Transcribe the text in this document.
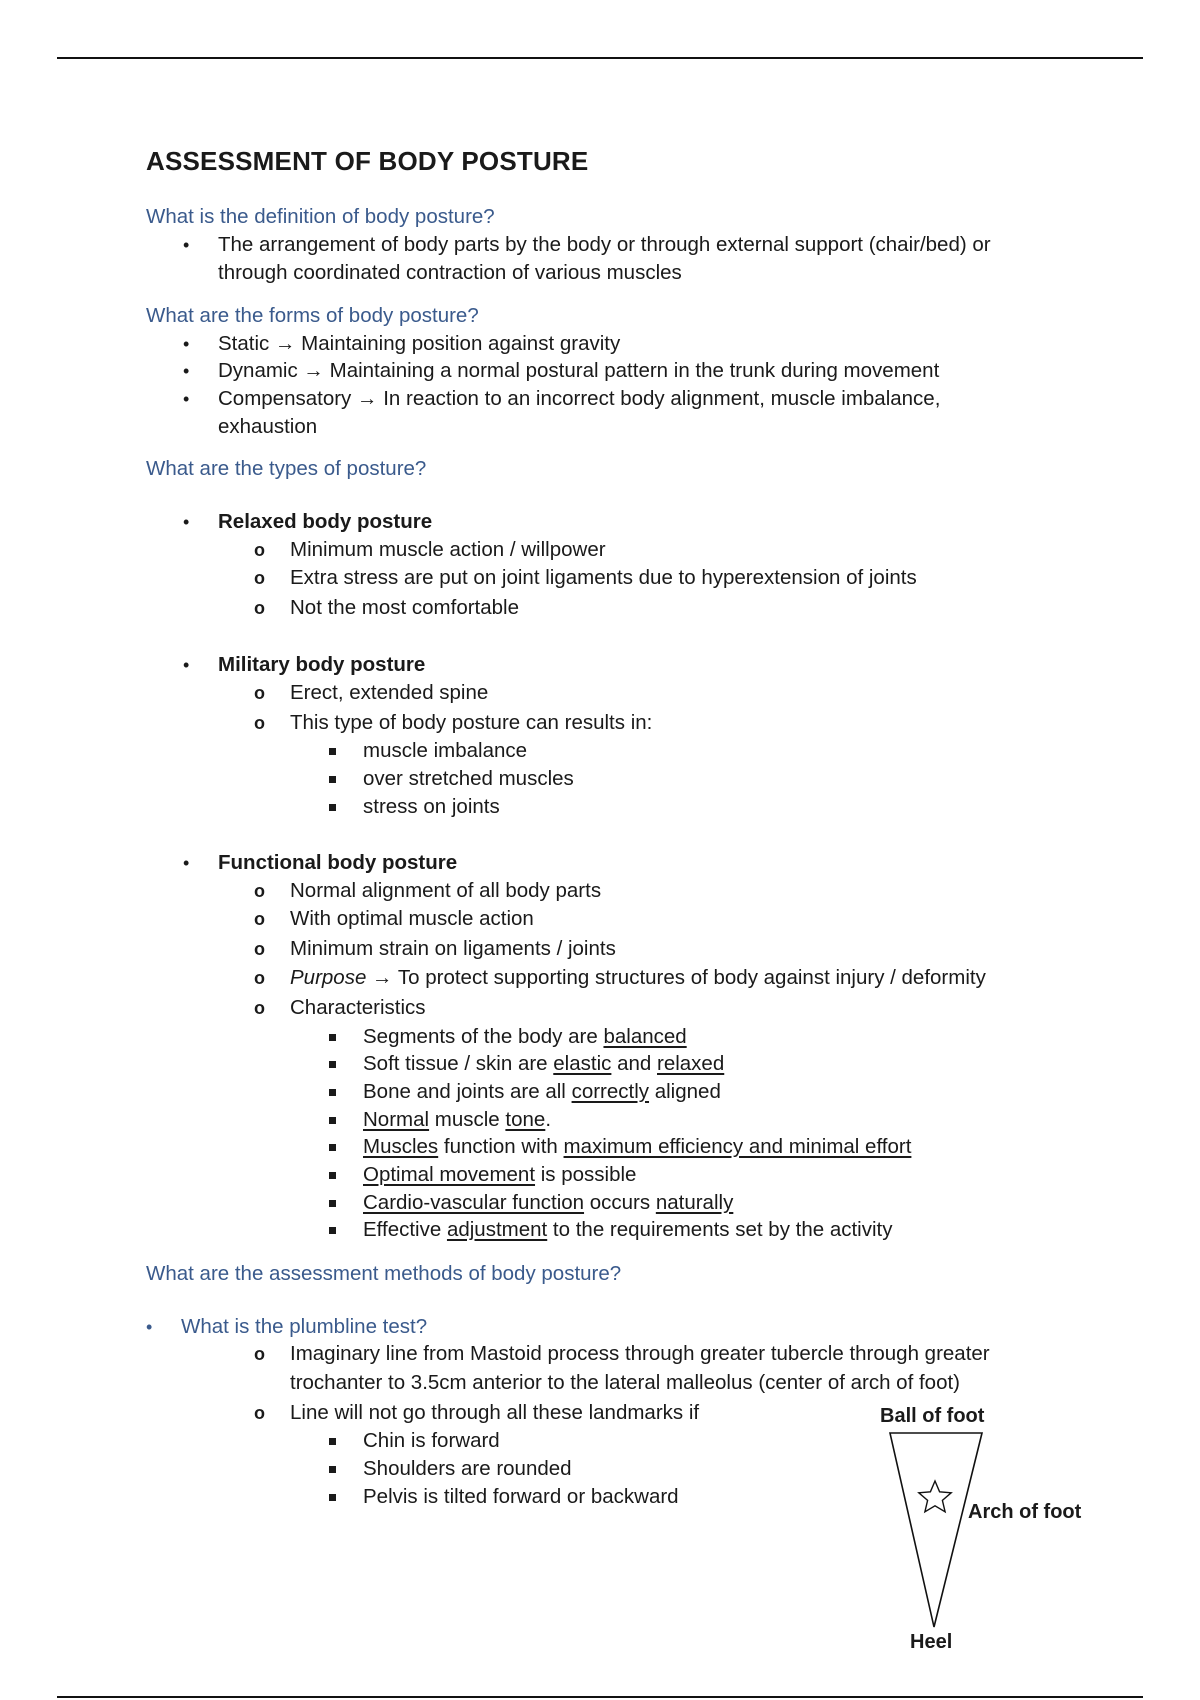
ASSESSMENT OF BODY POSTURE

What is the definition of body posture?

• The arrangement of body parts by the body or through external support (chair/bed) or

through coordinated contraction of various muscles

What are the forms of body posture?

• Static → Maintaining position against gravity

• Dynamic → Maintaining a normal postural pattern in the trunk during movement

• Compensatory → In reaction to an incorrect body alignment, muscle imbalance,

exhaustion

What are the types of posture?

• Relaxed body posture

o Minimum muscle action / willpower

o Extra stress are put on joint ligaments due to hyperextension of joints

o Not the most comfortable

• Military body posture

o Erect, extended spine

o This type of body posture can results in:

muscle imbalance

over stretched muscles

stress on joints

• Functional body posture

o Normal alignment of all body parts

o With optimal muscle action

o Minimum strain on ligaments / joints

o Purpose → To protect supporting structures of body against injury / deformity

o Characteristics

Segments of the body are balanced

Soft tissue / skin are elastic and relaxed

Bone and joints are all correctly aligned

Normal muscle tone.

Muscles function with maximum efficiency and minimal effort

Optimal movement is possible

Cardio-vascular function occurs naturally

Effective adjustment to the requirements set by the activity

What are the assessment methods of body posture?

• What is the plumbline test?

o Imaginary line from Mastoid process through greater tubercle through greater

trochanter to 3.5cm anterior to the lateral malleolus (center of arch of foot)

o Line will not go through all these landmarks if

Chin is forward

Shoulders are rounded

Pelvis is tilted forward or backward

Ball of foot
Arch of foot
Heel
